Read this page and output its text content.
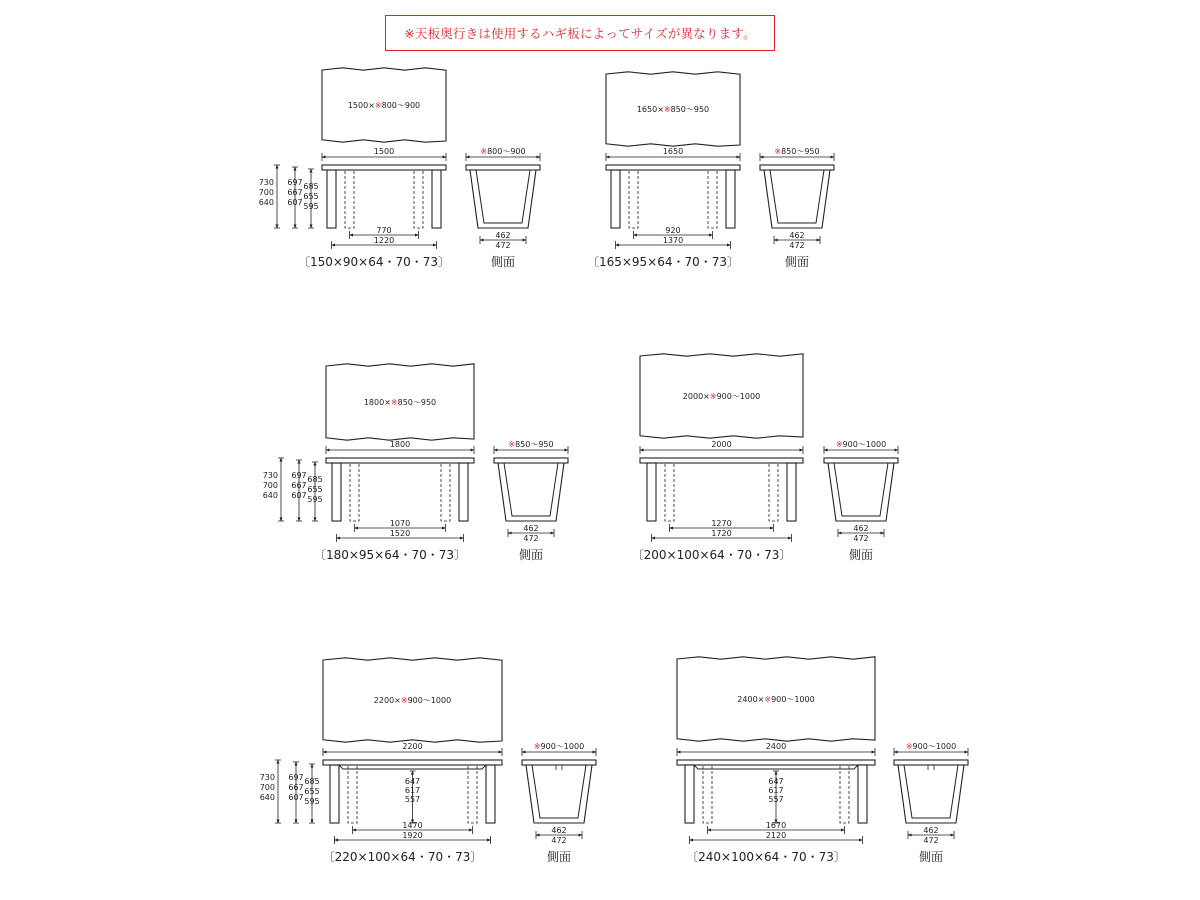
※天板奥行きは使用するハギ板によってサイズが異なります。
1500×※800～900
1500
770
1220
730
700
640
697
667
607
685
655
595
〔150×90×64・70・73〕
※800～900
462
472
側面
1650×※850～950
1650
920
1370
〔165×95×64・70・73〕
※850～950
462
472
側面
1800×※850～950
1800
1070
1520
730
700
640
697
667
607
685
655
595
〔180×95×64・70・73〕
※850～950
462
472
側面
2000×※900～1000
2000
1270
1720
〔200×100×64・70・73〕
※900～1000
462
472
側面
2200×※900～1000
2200
647
617
557
1470
1920
730
700
640
697
667
607
685
655
595
〔220×100×64・70・73〕
※900～1000
462
472
側面
2400×※900～1000
2400
647
617
557
1670
2120
〔240×100×64・70・73〕
※900～1000
462
472
側面
